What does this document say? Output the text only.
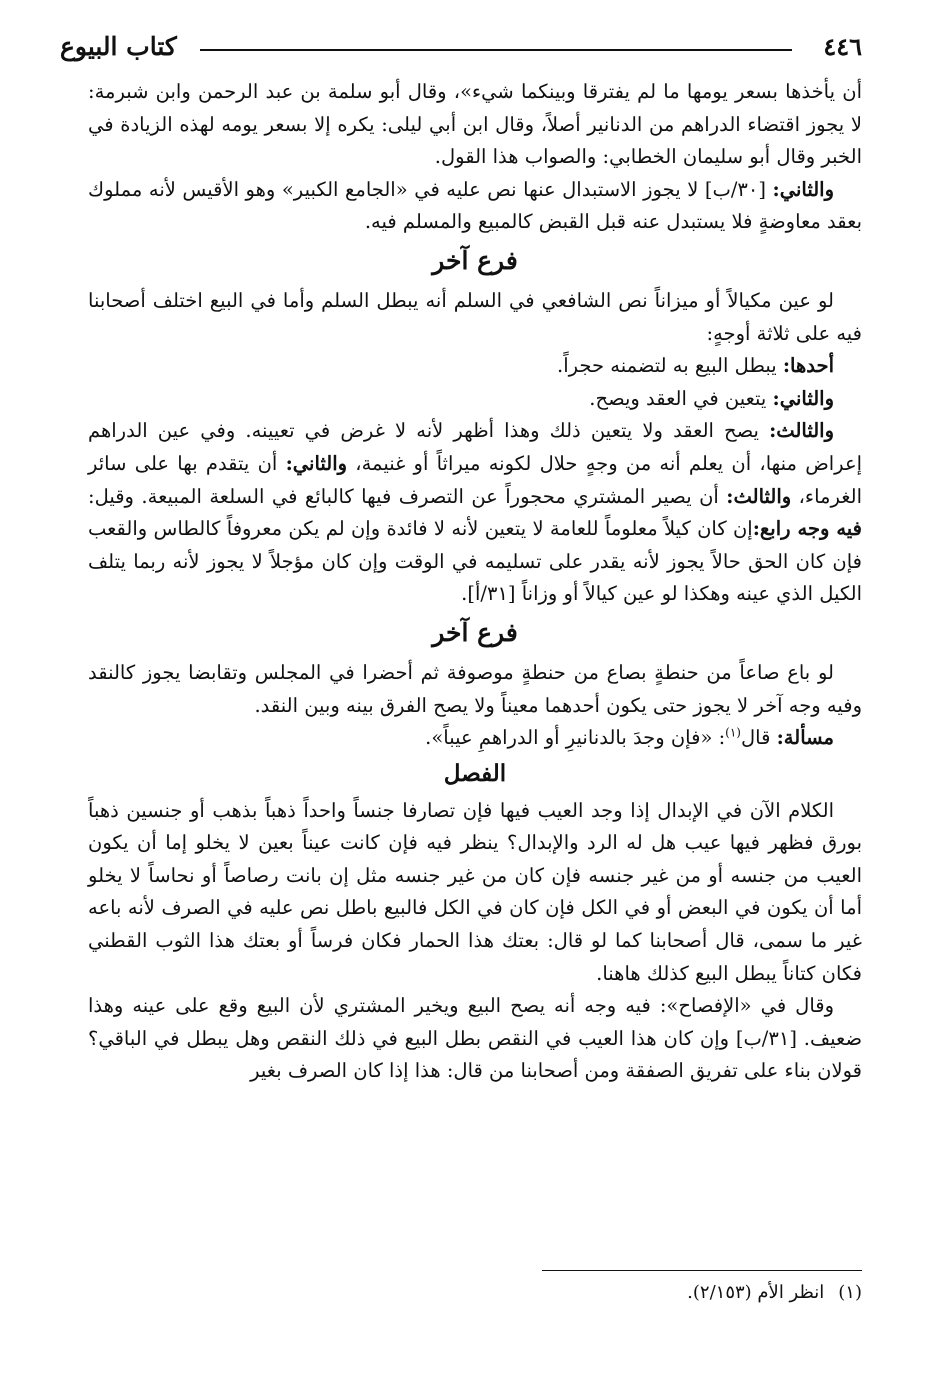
٤٤٦
كتاب البيوع

أن يأخذها بسعر يومها ما لم يفترقا وبينكما شيء»، وقال أبو سلمة بن عبد الرحمن وابن شبرمة: لا يجوز اقتضاء الدراهم من الدنانير أصلاً، وقال ابن أبي ليلى: يكره إلا بسعر يومه لهذه الزيادة في الخبر وقال أبو سليمان الخطابي: والصواب هذا القول.

والثاني: [٣٠/ب] لا يجوز الاستبدال عنها نص عليه في «الجامع الكبير» وهو الأقيس لأنه مملوك بعقد معاوضةٍ فلا يستبدل عنه قبل القبض كالمبيع والمسلم فيه.

فرع آخر

لو عين مكيالاً أو ميزاناً نص الشافعي في السلم أنه يبطل السلم وأما في البيع اختلف أصحابنا فيه على ثلاثة أوجهٍ:

أحدها: يبطل البيع به لتضمنه حجراً.

والثاني: يتعين في العقد ويصح.

والثالث: يصح العقد ولا يتعين ذلك وهذا أظهر لأنه لا غرض في تعيينه. وفي عين الدراهم إعراض منها، أن يعلم أنه من وجهٍ حلال لكونه ميراثاً أو غنيمة، والثاني: أن يتقدم بها على سائر الغرماء، والثالث: أن يصير المشتري محجوراً عن التصرف فيها كالبائع في السلعة المبيعة. وقيل: فيه وجه رابع:إن كان كيلاً معلوماً للعامة لا يتعين لأنه لا فائدة وإن لم يكن معروفاً كالطاس والقعب فإن كان الحق حالاً يجوز لأنه يقدر على تسليمه في الوقت وإن كان مؤجلاً لا يجوز لأنه ربما يتلف الكيل الذي عينه وهكذا لو عين كيالاً أو وزاناً [٣١/أ].

فرع آخر

لو باع صاعاً من حنطةٍ بصاع من حنطةٍ موصوفة ثم أحضرا في المجلس وتقابضا يجوز كالنقد وفيه وجه آخر لا يجوز حتى يكون أحدهما معيناً ولا يصح الفرق بينه وبين النقد.

مسألة: قال$^{(١)}$: «فإن وجدَ بالدنانيرِ أو الدراهمِ عيباً».

الفصل

الكلام الآن في الإبدال إذا وجد العيب فيها فإن تصارفا جنساً واحداً ذهباً بذهب أو جنسين ذهباً بورق فظهر فيها عيب هل له الرد والإبدال؟ ينظر فيه فإن كانت عيناً بعين لا يخلو إما أن يكون العيب من جنسه أو من غير جنسه فإن كان من غير جنسه مثل إن بانت رصاصاً أو نحاساً لا يخلو أما أن يكون في البعض أو في الكل فإن كان في الكل فالبيع باطل نص عليه في الصرف لأنه باعه غير ما سمى، قال أصحابنا كما لو قال: بعتك هذا الحمار فكان فرساً أو بعتك هذا الثوب القطني فكان كتاناً يبطل البيع كذلك هاهنا.

وقال في «الإفصاح»: فيه وجه أنه يصح البيع ويخير المشتري لأن البيع وقع على عينه وهذا ضعيف. [٣١/ب] وإن كان هذا العيب في النقص بطل البيع في ذلك النقص وهل يبطل في الباقي؟ قولان بناء على تفريق الصفقة ومن أصحابنا من قال: هذا إذا كان الصرف بغير

(١)انظر الأم (٢/١٥٣).
